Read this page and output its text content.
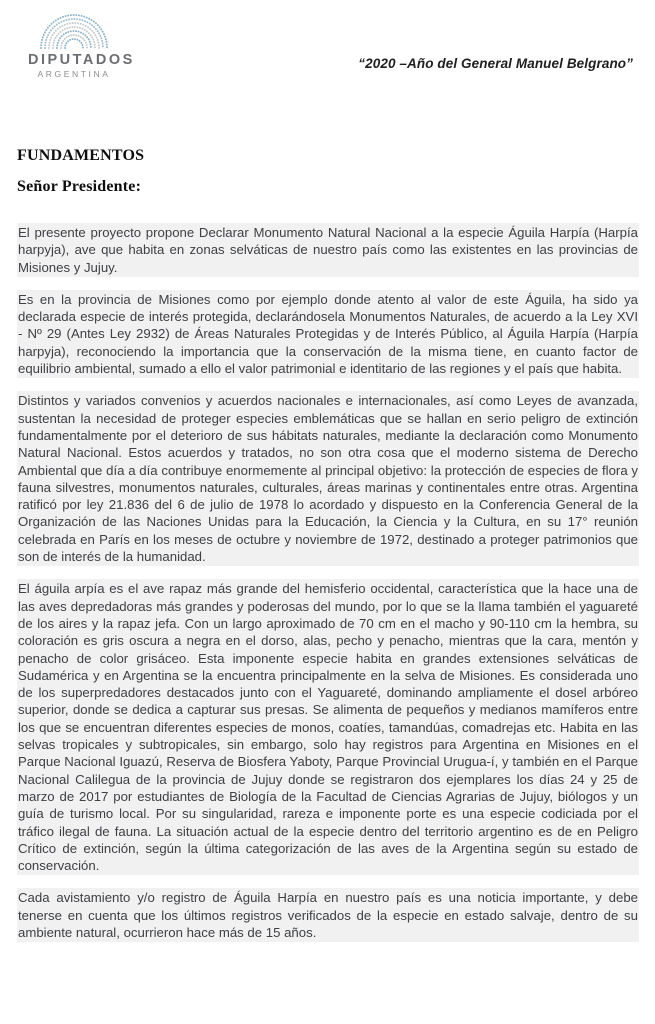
DIPUTADOS
ARGENTINA
“2020 –Año del General Manuel Belgrano”
FUNDAMENTOS
Señor Presidente:

El presente proyecto propone Declarar Monumento Natural Nacional a la especie Águila Harpía (Harpía harpyja), ave que habita en zonas selváticas de nuestro país como las existentes en las provincias de Misiones y Jujuy.

Es en la provincia de Misiones como por ejemplo donde atento al valor de este Águila, ha sido ya declarada especie de interés protegida, declarándosela Monumentos Naturales, de acuerdo a la Ley XVI - Nº 29 (Antes Ley 2932) de Áreas Naturales Protegidas y de Interés Público, al Águila Harpía (Harpía harpyja), reconociendo la importancia que la conservación de la misma tiene, en cuanto factor de equilibrio ambiental, sumado a ello el valor patrimonial e identitario de las regiones y el país que habita.

Distintos y variados convenios y acuerdos nacionales e internacionales, así como Leyes de avanzada, sustentan la necesidad de proteger especies emblemáticas que se hallan en serio peligro de extinción fundamentalmente por el deterioro de sus hábitats naturales, mediante la declaración como Monumento Natural Nacional. Estos acuerdos y tratados, no son otra cosa que el moderno sistema de Derecho Ambiental que día a día contribuye enormemente al principal objetivo: la protección de especies de flora y fauna silvestres, monumentos naturales, culturales, áreas marinas y continentales entre otras. Argentina ratificó por ley 21.836 del 6 de julio de 1978 lo acordado y dispuesto en la Conferencia General de la Organización de las Naciones Unidas para la Educación, la Ciencia y la Cultura, en su 17° reunión celebrada en París en los meses de octubre y noviembre de 1972, destinado a proteger patrimonios que son de interés de la humanidad.

El águila arpía es el ave rapaz más grande del hemisferio occidental, característica que la hace una de las aves depredadoras más grandes y poderosas del mundo, por lo que se la llama también el yaguareté de los aires y la rapaz jefa. Con un largo aproximado de 70 cm en el macho y 90-110 cm la hembra, su coloración es gris oscura a negra en el dorso, alas, pecho y penacho, mientras que la cara, mentón y penacho de color grisáceo. Esta imponente especie habita en grandes extensiones selváticas de Sudamérica y en Argentina se la encuentra principalmente en la selva de Misiones. Es considerada uno de los superpredadores destacados junto con el Yaguareté, dominando ampliamente el dosel arbóreo superior, donde se dedica a capturar sus presas. Se alimenta de pequeños y medianos mamíferos entre los que se encuentran diferentes especies de monos, coatíes, tamandúas, comadrejas etc. Habita en las selvas tropicales y subtropicales, sin embargo, solo hay registros para Argentina en Misiones en el Parque Nacional Iguazú, Reserva de Biosfera Yaboty, Parque Provincial Urugua-í, y también en el Parque Nacional Calilegua de la provincia de Jujuy donde se registraron dos ejemplares los días 24 y 25 de marzo de 2017 por estudiantes de Biología de la Facultad de Ciencias Agrarias de Jujuy, biólogos y un guía de turismo local. Por su singularidad, rareza e imponente porte es una especie codiciada por el tráfico ilegal de fauna. La situación actual de la especie dentro del territorio argentino es de en Peligro Crítico de extinción, según la última categorización de las aves de la Argentina según su estado de conservación.

Cada avistamiento y/o registro de Águila Harpía en nuestro país es una noticia importante, y debe tenerse en cuenta que los últimos registros verificados de la especie en estado salvaje, dentro de su ambiente natural, ocurrieron hace más de 15 años.
